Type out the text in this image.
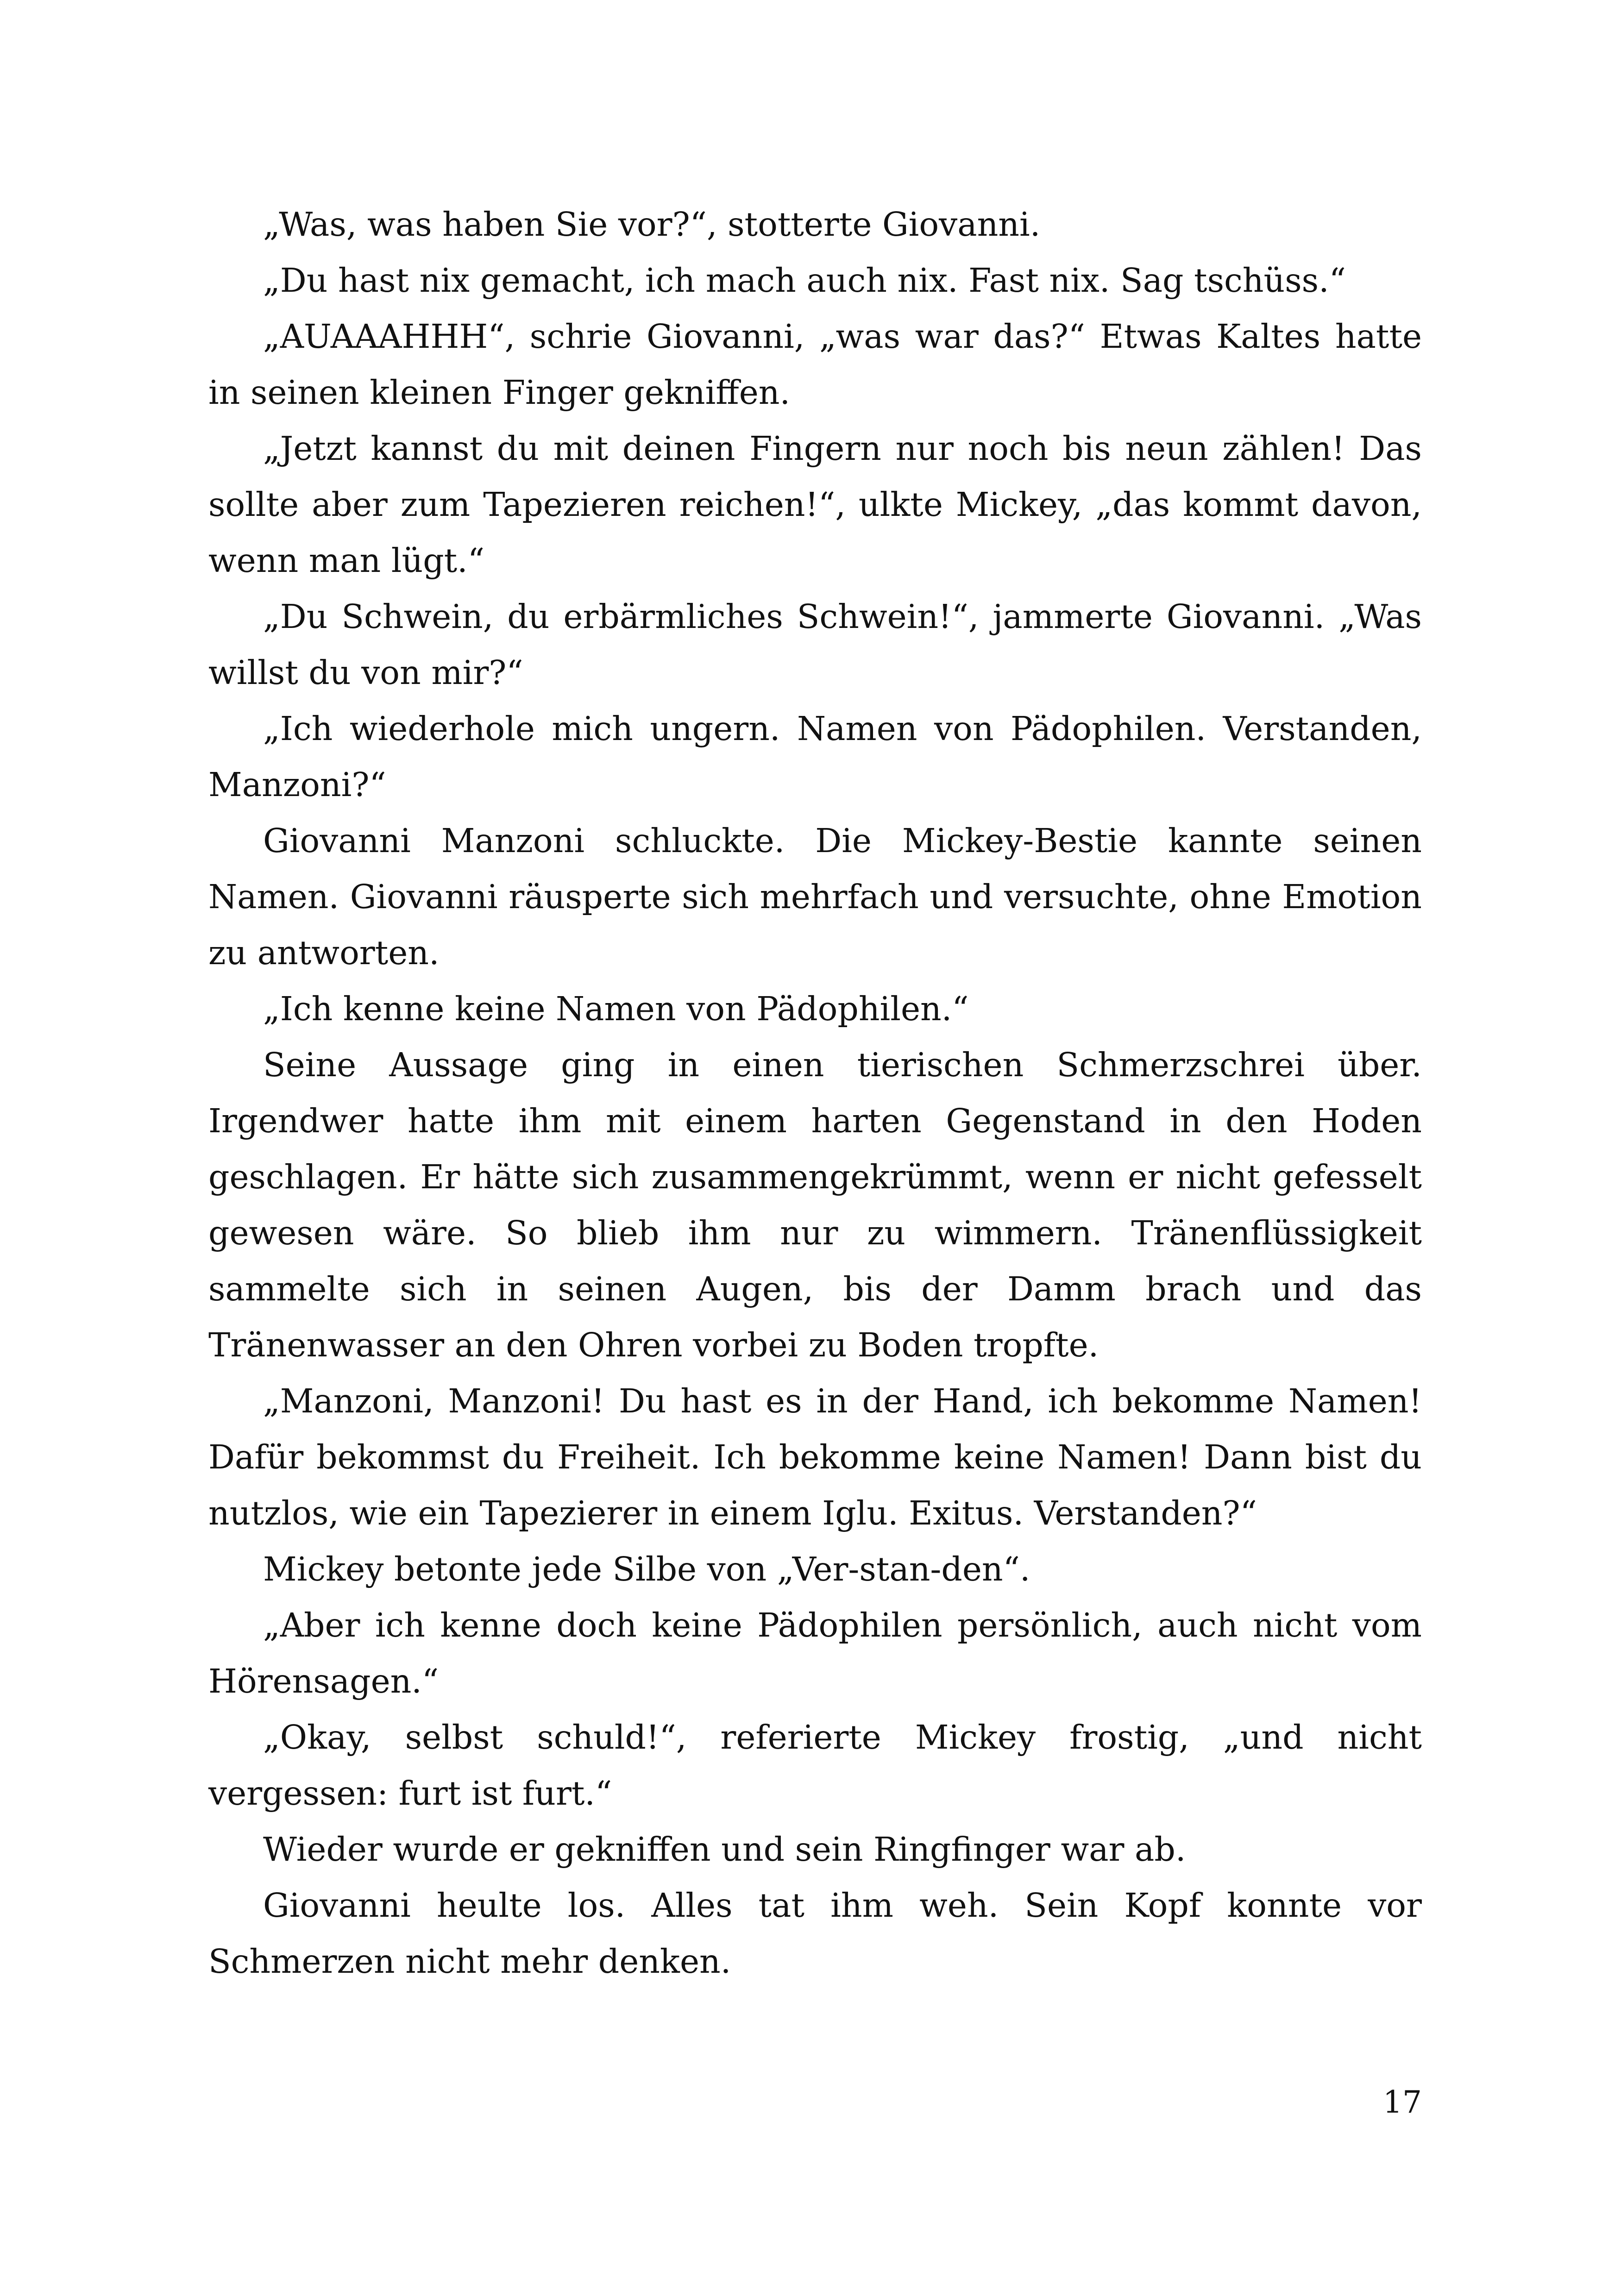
„Was, was haben Sie vor?“, stotterte Giovanni.

„Du hast nix gemacht, ich mach auch nix. Fast nix. Sag tschüss.“

„AUAAAHHH“, schrie Giovanni, „was war das?“ Etwas Kaltes hatte in seinen kleinen Finger gekniffen.

„Jetzt kannst du mit deinen Fingern nur noch bis neun zählen! Das sollte aber zum Tapezieren reichen!“, ulkte Mickey, „das kommt davon, wenn man lügt.“

„Du Schwein, du erbärmliches Schwein!“, jammerte Giovanni. „Was willst du von mir?“

„Ich wiederhole mich ungern. Namen von Pädophilen. Verstanden, Manzoni?“

Giovanni Manzoni schluckte. Die Mickey-Bestie kannte seinen Namen. Giovanni räusperte sich mehrfach und versuchte, ohne Emotion zu antworten.

„Ich kenne keine Namen von Pädophilen.“

Seine Aussage ging in einen tierischen Schmerzschrei über. Irgendwer hatte ihm mit einem harten Gegenstand in den Hoden geschlagen. Er hätte sich zusammengekrümmt, wenn er nicht gefesselt gewesen wäre. So blieb ihm nur zu wimmern. Tränenflüssigkeit sammelte sich in seinen Augen, bis der Damm brach und das Tränenwasser an den Ohren vorbei zu Boden tropfte.

„Manzoni, Manzoni! Du hast es in der Hand, ich bekomme Namen! Dafür bekommst du Freiheit. Ich bekomme keine Namen! Dann bist du nutzlos, wie ein Tapezierer in einem Iglu. Exitus. Verstanden?“

Mickey betonte jede Silbe von „Ver-stan-den“.

„Aber ich kenne doch keine Pädophilen persönlich, auch nicht vom Hörensagen.“

„Okay, selbst schuld!“, referierte Mickey frostig, „und nicht vergessen: furt ist furt.“

Wieder wurde er gekniffen und sein Ringfinger war ab.

Giovanni heulte los. Alles tat ihm weh. Sein Kopf konnte vor Schmerzen nicht mehr denken.

17
